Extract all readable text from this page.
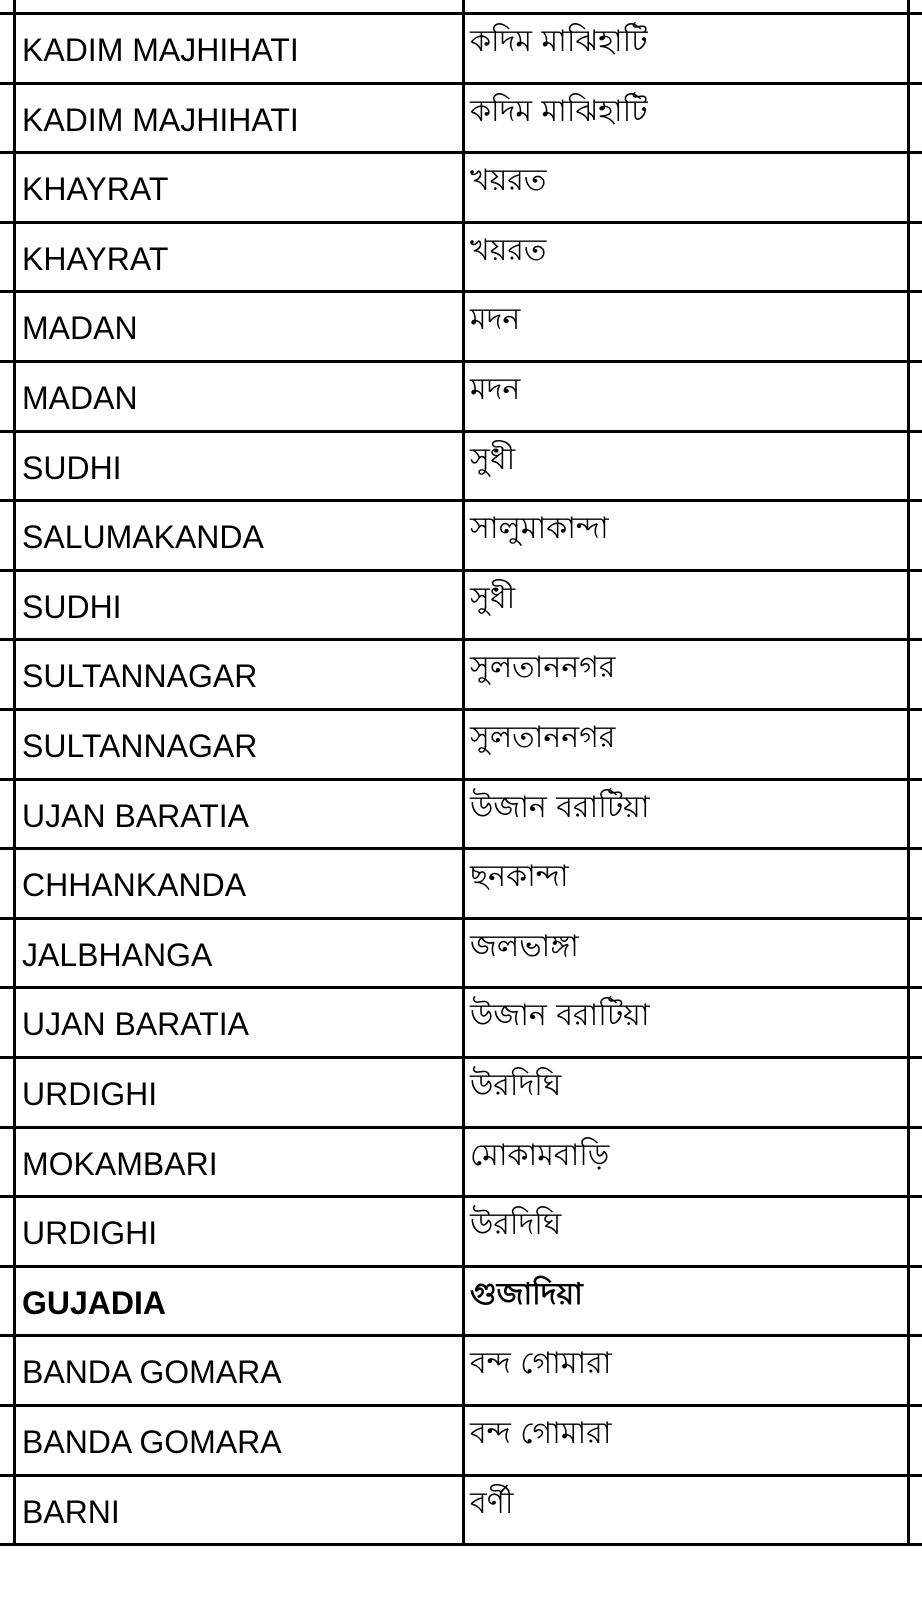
KADIM MAJHIHATI	কদিম মাঝিহাটি
KADIM MAJHIHATI	কদিম মাঝিহাটি
KHAYRAT	খয়রত
KHAYRAT	খয়রত
MADAN	মদন
MADAN	মদন
SUDHI	সুধী
SALUMAKANDA	সালুমাকান্দা
SUDHI	সুধী
SULTANNAGAR	সুলতাননগর
SULTANNAGAR	সুলতাননগর
UJAN BARATIA	উজান বরাটিয়া
CHHANKANDA	ছনকান্দা
JALBHANGA	জলভাঙ্গা
UJAN BARATIA	উজান বরাটিয়া
URDIGHI	উরদিঘি
MOKAMBARI	মোকামবাড়ি
URDIGHI	উরদিঘি
GUJADIA	গুজাদিয়া
BANDA GOMARA	বন্দ গোমারা
BANDA GOMARA	বন্দ গোমারা
BARNI	বর্ণী
